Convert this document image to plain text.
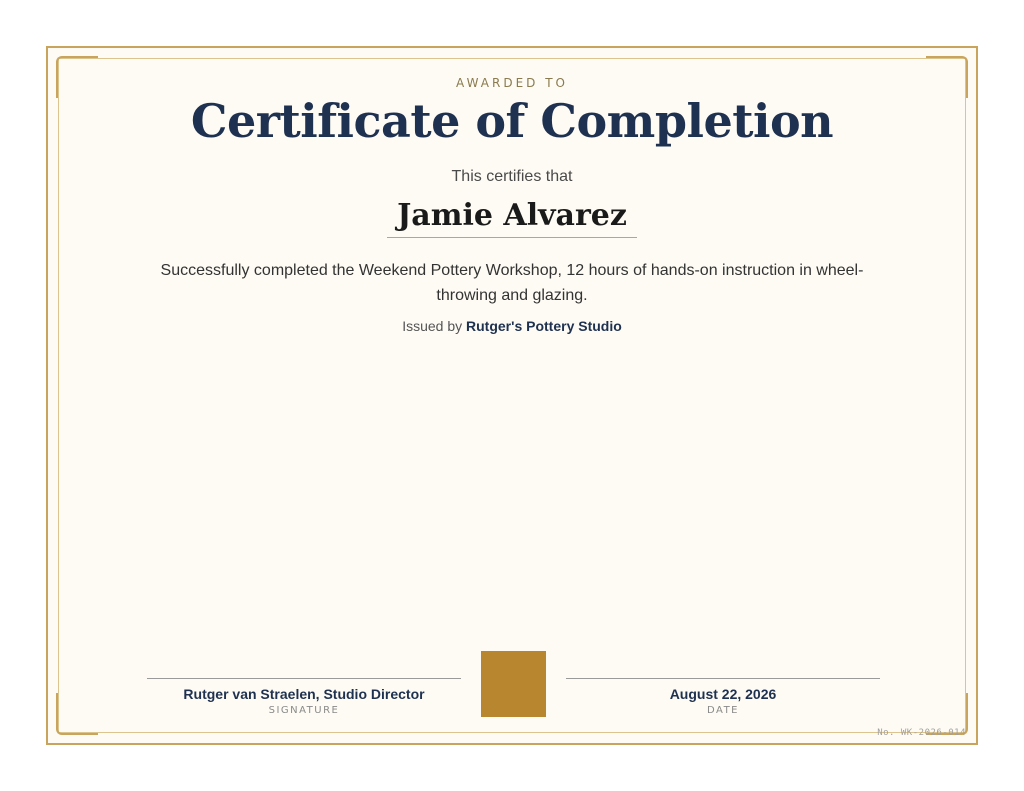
AWARDED TO
Certificate of Completion
This certifies that
Jamie Alvarez
Successfully completed the Weekend Pottery Workshop, 12 hours of hands-on instruction in wheel-throwing and glazing.
Issued by Rutger's Pottery Studio
Rutger van Straelen, Studio Director
SIGNATURE
August 22, 2026
DATE
No. WK-2026-014
